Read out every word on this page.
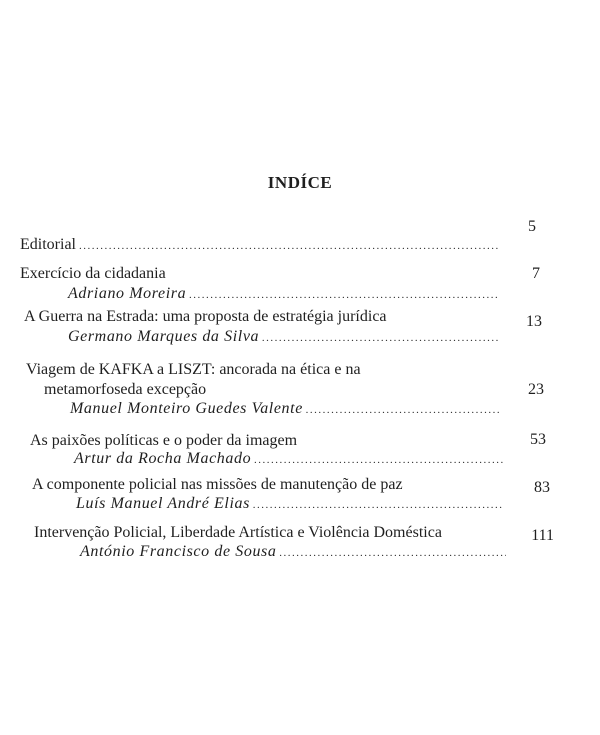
INDÍCE
Editorial
.....
5
Exercício da cidadania
Adriano Moreira
.....
7
A Guerra na Estrada: uma proposta de estratégia jurídica
Germano Marques da Silva
.....
13
Viagem de KAFKA a LISZT: ancorada na ética e na
metamorfoseda excepção
Manuel Monteiro Guedes Valente
.....
23
As paixões políticas e o poder da imagem
Artur da Rocha Machado
.....
53
A componente policial nas missões de manutenção de paz
Luís Manuel André Elias
.....
83
Intervenção Policial, Liberdade Artística e Violência Doméstica
António Francisco de Sousa
.....
111
